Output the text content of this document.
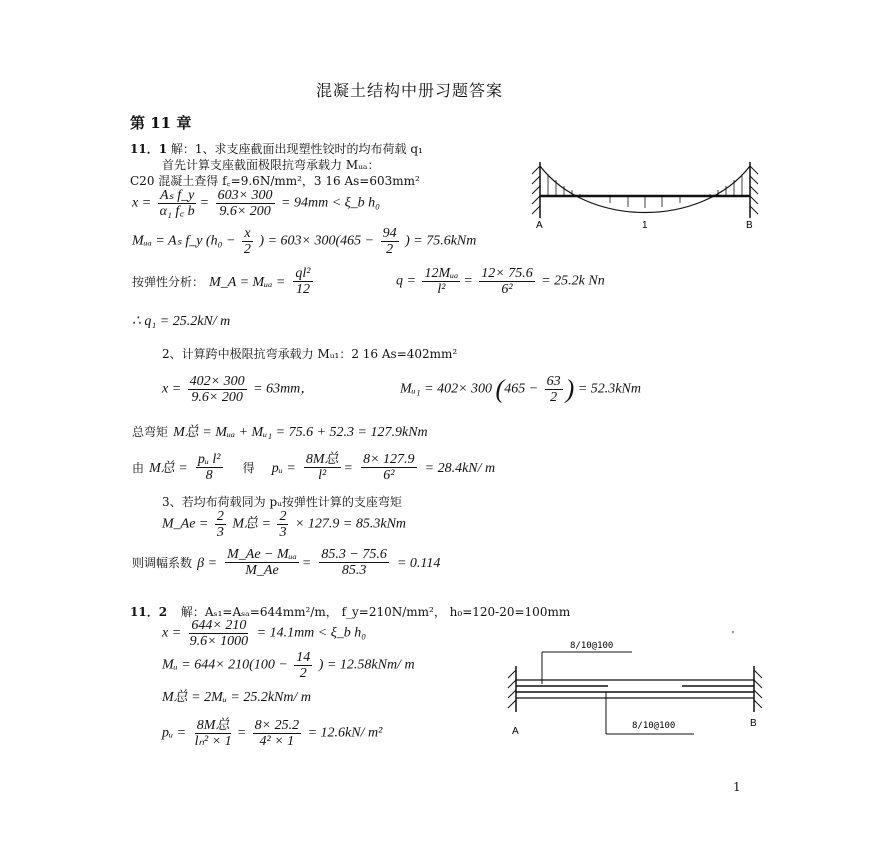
混凝土结构中册习题答案
第 11 章
11．1 解：1、求支座截面出现塑性铰时的均布荷载 q₁
首先计算支座截面极限抗弯承载力 Mᵤₐ：
C20 混凝土查得 f꜀=9.6N/mm²，3 16 As=603mm²
$x = \frac{\text{Aₛ f\_y}}{\text{α₁ f꜀ b}} = \frac{603\times 300}{9.6\times 200} = 94mm$ < ξ_b h₀
Mᵤₐ = Aₛ f_y ($h_0 - \frac{x}{2}$ ) = $603\times 300(465 - \frac{94}{2}$ ) = 75.6kNm
按弹性分析： M_A = Mᵤₐ = $\frac{\text{ql²}}{12}$	$q = \frac{\text{12Mᵤₐ}}{\text{l²}} = \frac{12\times 75.6}{\text{6²}} = 25.2k$ Nn
∴ q₁ = 25.2kN/ m
2、计算跨中极限抗弯承载力 Mᵤ₁：2 16 As=402mm²
$x = \frac{402\times 300}{9.6\times 200} = 63mm$，	Mᵤ₁ = 402× 300 ($465 - \frac{63}{2}$ ) = 52.3kNm
总弯矩 M总 = Mᵤₐ + Mᵤ₁ = 75.6 + 52.3 = 127.9kNm
由 M总 = $\frac{\text{pᵤ l²}}{8}$ 得 pᵤ = $\frac{\text{8M总}}{\text{l²}} = \frac{8\times 127.9}{\text{6²}} = 28.4kN/$ m
3、若均布荷载同为 pᵤ按弹性计算的支座弯矩
M_Ae = $\frac{2}{3}$ M总 = $\frac{2}{3} \times 127.9 = 85.3kNm$
则调幅系数 $\beta = \frac{\text{M\_Ae − Mᵤₐ}}{M\_Ae} = \frac{85.3 - 75.6}{85.3} = 0.114$
11．2 解：Aₛ₁=Aₛₐ=644mm²/m， f_y=210N/mm²， h₀=120-20=100mm
$x = \frac{644\times 210}{9.6\times 1000} = 14.1mm$ < ξ_b h₀
Mᵤ = $644\times 210(100 - \frac{14}{2}$ ) = 12.58kNm/ m
M总 = 2Mᵤ = 25.2kNm/ m
pᵤ = $\frac{\text{8M总}}{\text{lₙ² × 1}} = \frac{8\times 25.2}{\text{4² × 1}} = 12.6kN/$ m²
A	1	B
'
8/10@100
8/10@100
A
B
1
